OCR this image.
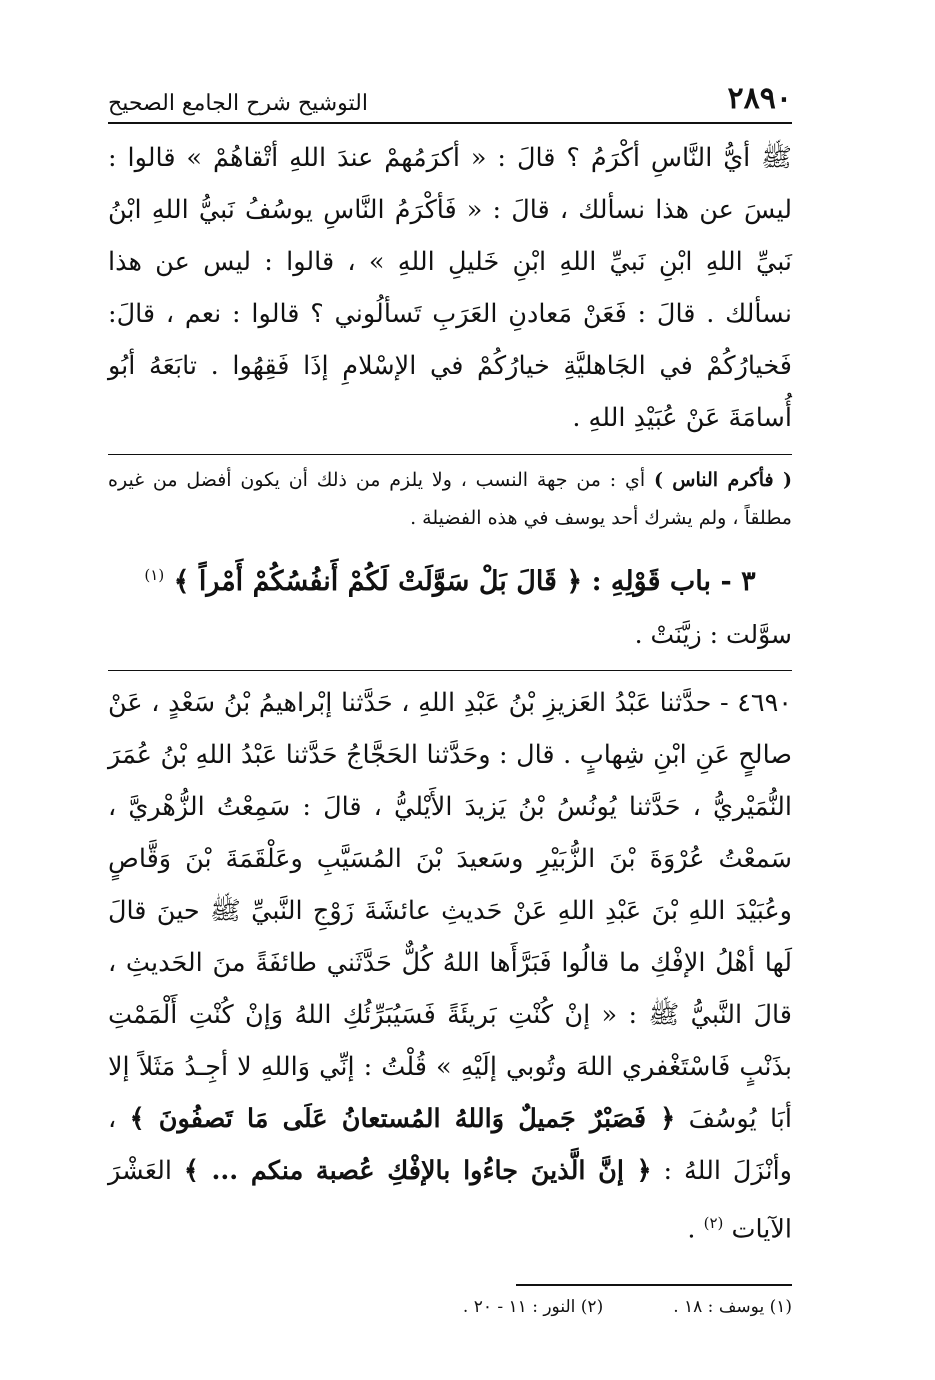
٢٨٩٠
التوشيح شرح الجامع الصحيح

ﷺ أيُّ النَّاسِ أكْرَمُ ؟ قالَ : « أكرَمُهمْ عندَ اللهِ أتْقاهُمْ » قالوا : ليسَ عن هذا نسألك ، قالَ : « فَأكْرَمُ النَّاسِ يوسُفُ نَبيُّ اللهِ ابْنُ نَبيِّ اللهِ ابْنِ نَبيِّ اللهِ ابْنِ خَليلِ اللهِ » ، قالوا : ليس عن هذا نسألك . قالَ : فَعَنْ مَعادنِ العَرَبِ تَسألُوني ؟ قالوا : نعم ، قالَ: فَخيارُكُمْ في الجَاهليَّةِ خيارُكُمْ في الإسْلامِ إذَا فَقِهُوا . تابَعَهُ أبُو أُسامَةَ عَنْ عُبَيْدِ اللهِ .

( فأكرم الناس ) أي : من جهة النسب ، ولا يلزم من ذلك أن يكون أفضل من غيره مطلقاً ، ولم يشرك أحد يوسف في هذه الفضيلة .

٣ - باب قَوْلِهِ : ﴿ قَالَ بَلْ سَوَّلَتْ لَكُمْ أَنفُسُكُمْ أَمْراً ﴾ $^{(١)}$

سوَّلت : زيَّنَتْ .

٤٦٩٠ - حدَّثنا عَبْدُ العَزيزِ بْنُ عَبْدِ اللهِ ، حَدَّثنا إبْراهيمُ بْنُ سَعْدٍ ، عَنْ صالحٍ عَنِ ابْنِ شِهابٍ . قال : وحَدَّثنا الحَجَّاجُ حَدَّثنا عَبْدُ اللهِ بْنُ عُمَرَ النُّمَيْريُّ ، حَدَّثنا يُونُسُ بْنُ يَزيدَ الأَيْليُّ ، قالَ : سَمِعْتُ الزُّهْريَّ ، سَمعْتُ عُرْوَةَ بْنَ الزُّبَيْرِ وسَعيدَ بْنَ المُسَيَّبِ وعَلْقَمَةَ بْنَ وَقَّاصٍ وعُبَيْدَ اللهِ بْنَ عَبْدِ اللهِ عَنْ حَديثِ عائشَةَ زَوْجِ النَّبيِّ ﷺ حينَ قالَ لَها أهْلُ الإفْكِ ما قالُوا فَبَرَّأَها اللهُ كُلٌّ حَدَّثَني طائفَةً منَ الحَديثِ ، قالَ النَّبيُّ ﷺ : « إنْ كُنْتِ بَريئَةً فَسَيُبَرِّئُكِ اللهُ وَإنْ كُنْتِ أَلْمَمْتِ بذَنْبٍ فَاسْتَغْفري اللهَ وتُوبي إلَيْهِ » قُلْتُ : إنِّي وَاللهِ لا أجِـدُ مَثَلاً إلا أبَا يُوسُفَ ﴿ فَصَبْرٌ جَميلٌ وَاللهُ المُستعانُ عَلَى مَا تَصفُونَ ﴾ ، وأنْزَلَ اللهُ : ﴿ إنَّ الَّذينَ جاءُوا بالإفْكِ عُصبة منكم ... ﴾ العَشْرَ الآيات $^{(٢)}$ .

(١) يوسف : ١٨ .
(٢) النور : ١١ - ٢٠ .
